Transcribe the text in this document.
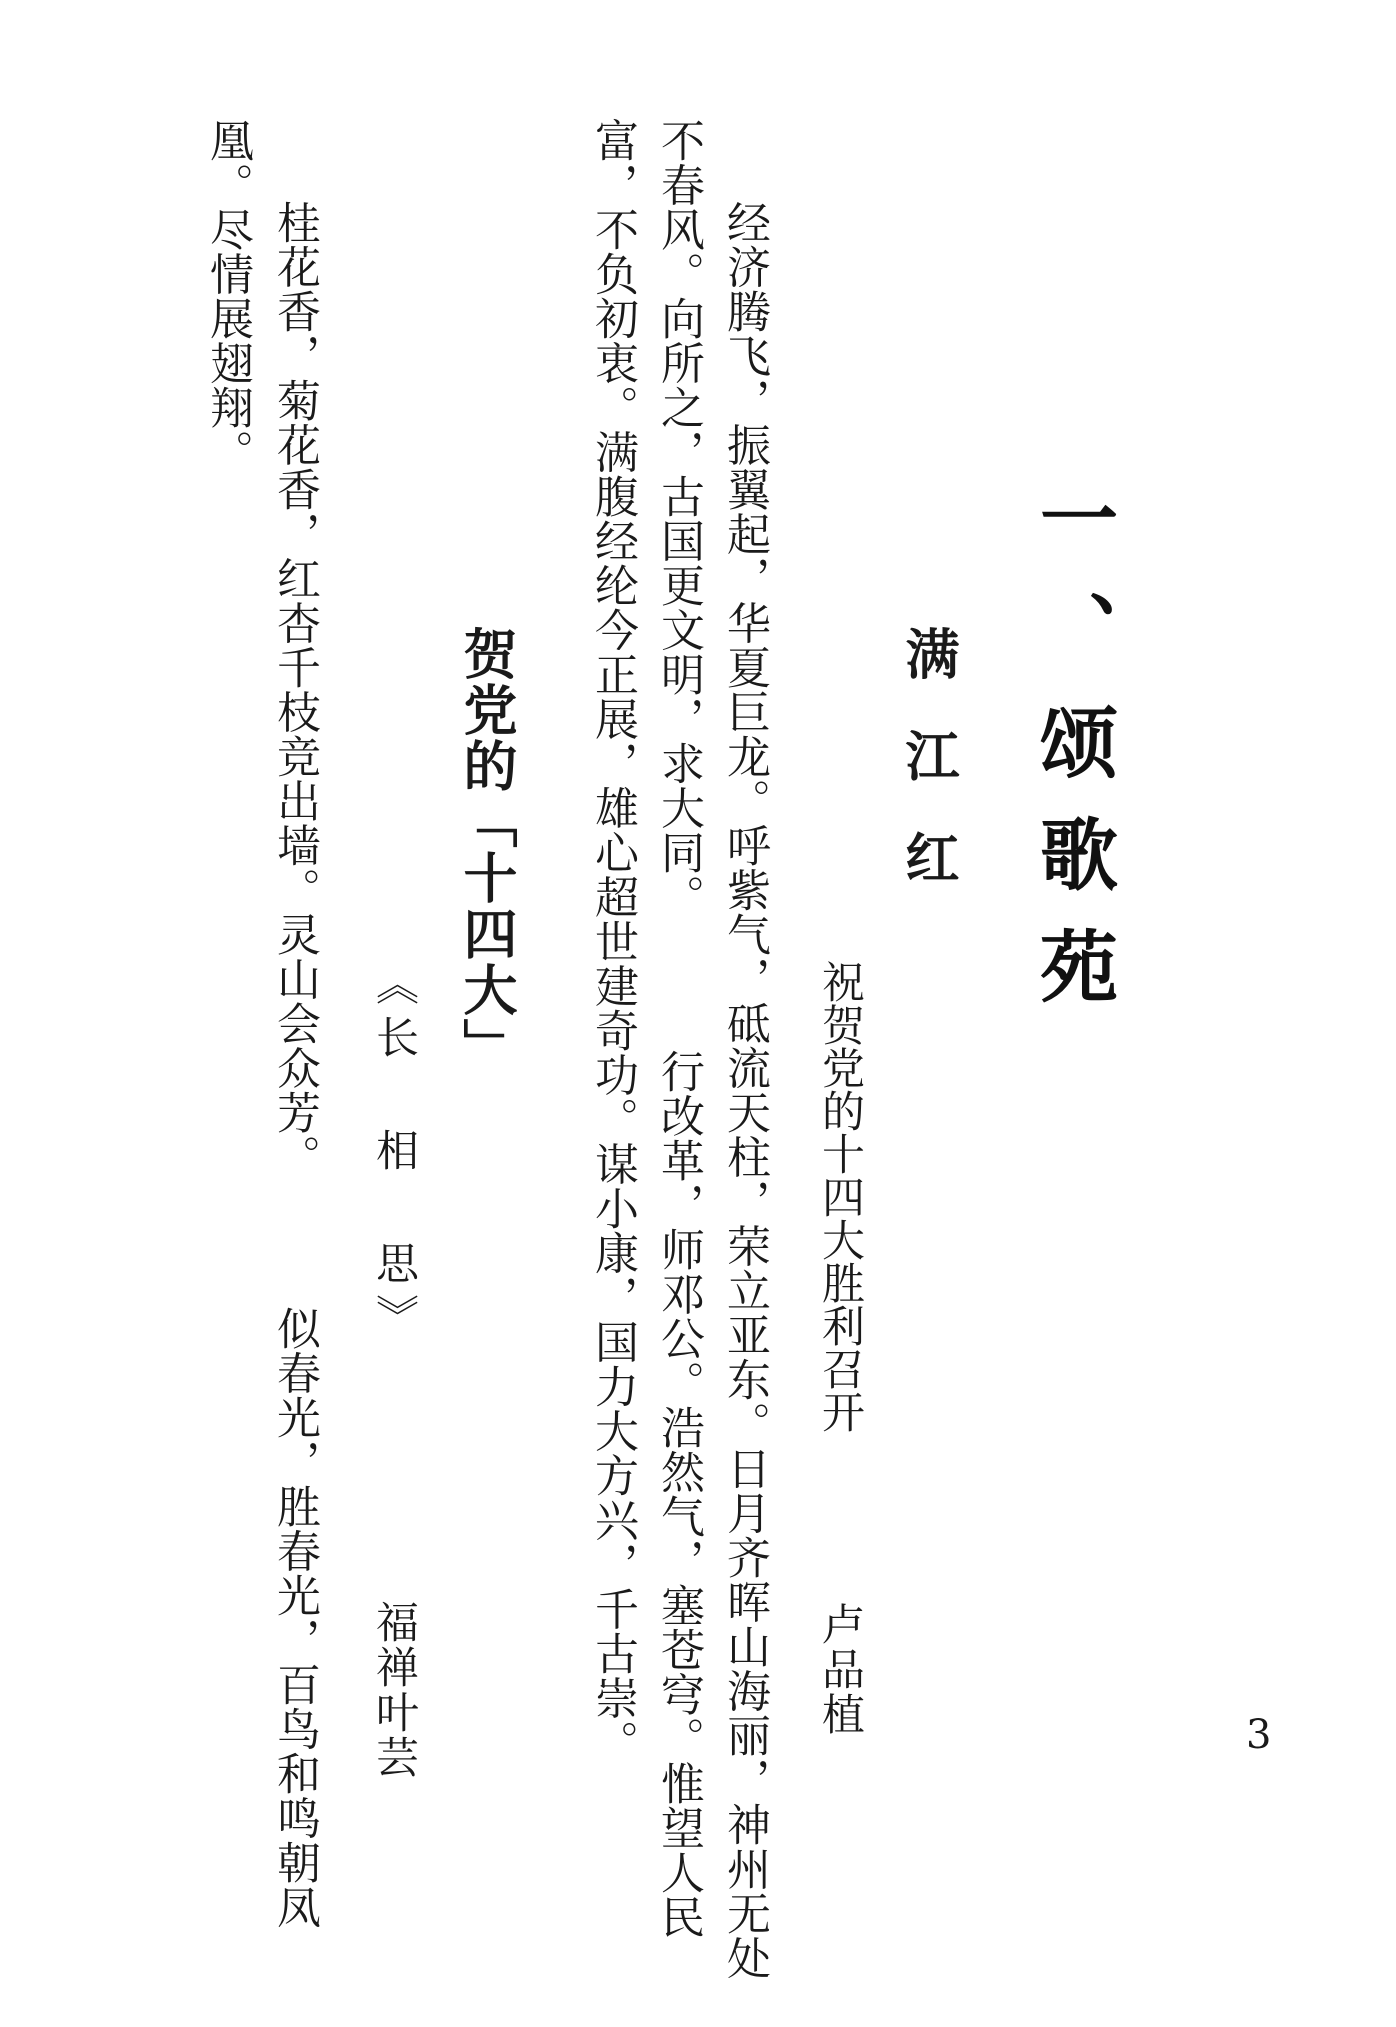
一、颂歌苑
满江红
祝贺党的十四大胜利召开
卢品植
经济腾飞，振翼起，华夏巨龙。呼紫气，砥流天柱，荣立亚东。日月齐晖山海丽，神州无处
不春风。向所之，古国更文明，求大同。
行改革，师邓公。浩然气，塞苍穹。惟望人民
富，不负初衷。满腹经纶今正展，雄心超世建奇功。谋小康，国力大方兴，千古崇。
贺党的「十四大」
《长 相 思》
福禅叶芸
桂花香，菊花香，红杏千枝竞出墙。灵山会众芳。
似春光，胜春光，百鸟和鸣朝凤
凰。尽情展翅翔。
3
